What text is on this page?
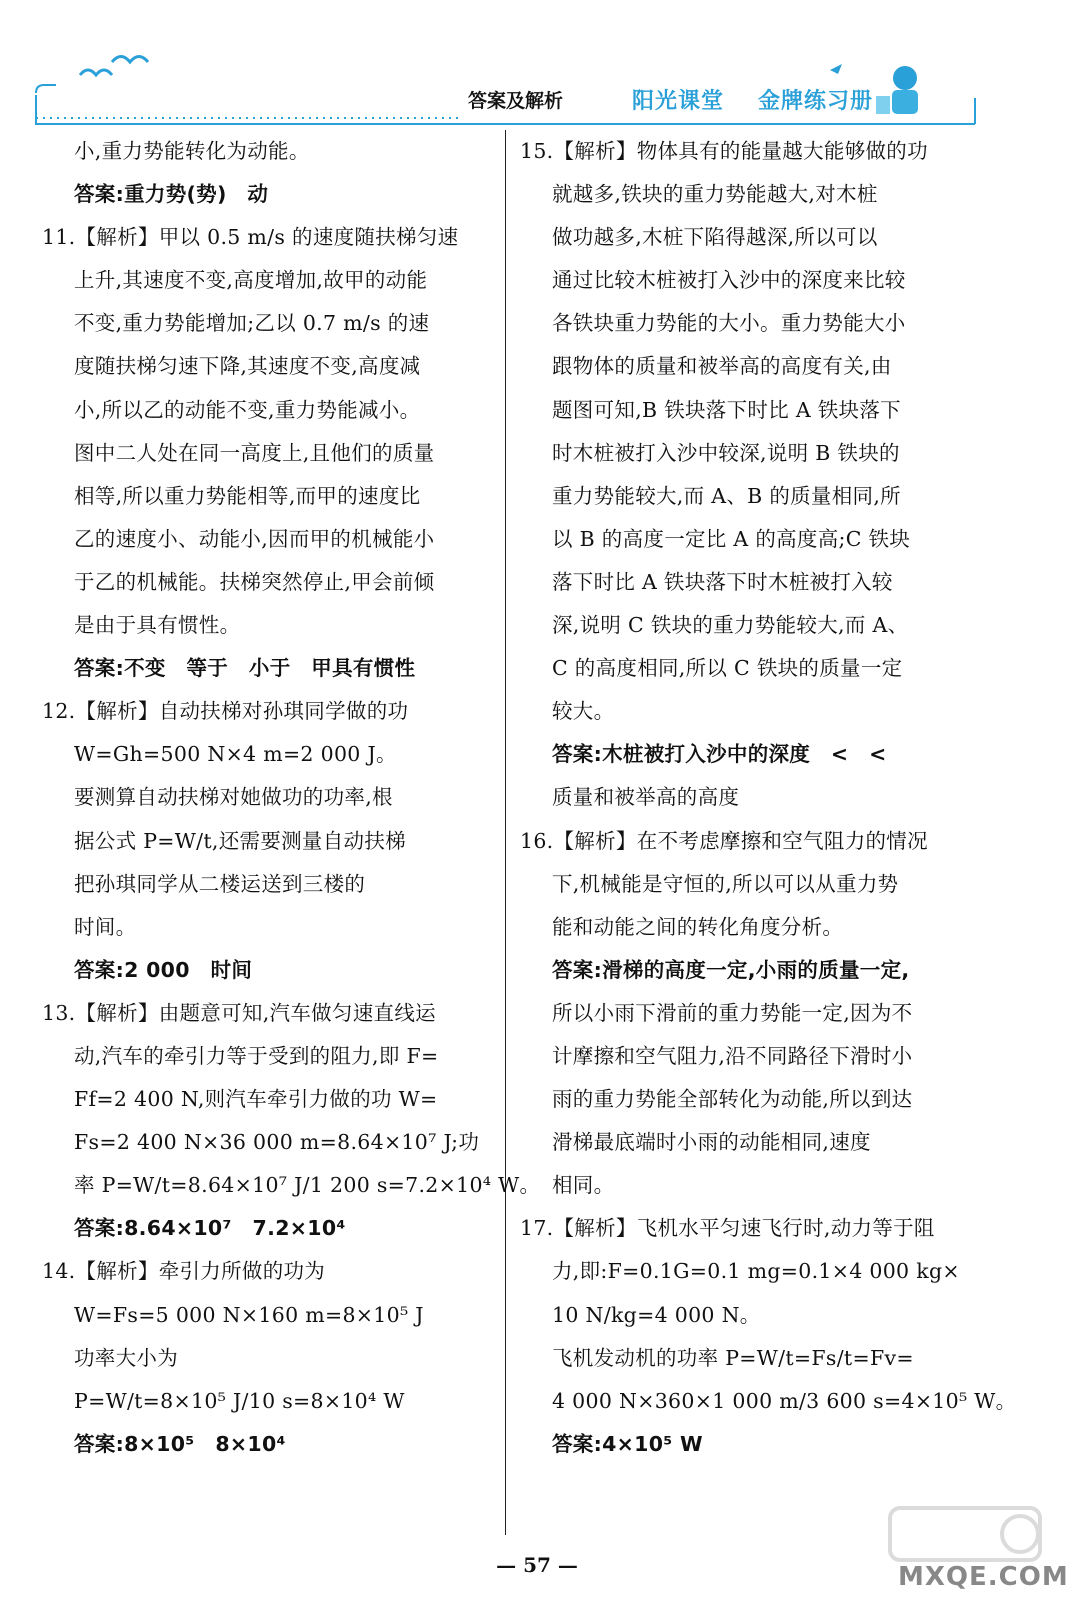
答案及解析	阳光课堂 金牌练习册
小,重力势能转化为动能。
答案:重力势(势)　动
11.【解析】甲以 0.5 m/s 的速度随扶梯匀速
上升,其速度不变,高度增加,故甲的动能
不变,重力势能增加;乙以 0.7 m/s 的速
度随扶梯匀速下降,其速度不变,高度减
小,所以乙的动能不变,重力势能减小。
图中二人处在同一高度上,且他们的质量
相等,所以重力势能相等,而甲的速度比
乙的速度小、动能小,因而甲的机械能小
于乙的机械能。扶梯突然停止,甲会前倾
是由于具有惯性。
答案:不变　等于　小于　甲具有惯性
12.【解析】自动扶梯对孙琪同学做的功
W=Gh=500 N×4 m=2 000 J。
要测算自动扶梯对她做功的功率,根
据公式 P=W/t,还需要测量自动扶梯
把孙琪同学从二楼运送到三楼的
时间。
答案:2 000　时间
13.【解析】由题意可知,汽车做匀速直线运
动,汽车的牵引力等于受到的阻力,即 F=
Ff=2 400 N,则汽车牵引力做的功 W=
Fs=2 400 N×36 000 m=8.64×10⁷ J;功
率 P=W/t=8.64×10⁷ J/1 200 s=7.2×10⁴ W。
答案:8.64×10⁷　7.2×10⁴
14.【解析】牵引力所做的功为
W=Fs=5 000 N×160 m=8×10⁵ J
功率大小为
P=W/t=8×10⁵ J/10 s=8×10⁴ W
答案:8×10⁵　8×10⁴
15.【解析】物体具有的能量越大能够做的功
就越多,铁块的重力势能越大,对木桩
做功越多,木桩下陷得越深,所以可以
通过比较木桩被打入沙中的深度来比较
各铁块重力势能的大小。重力势能大小
跟物体的质量和被举高的高度有关,由
题图可知,B 铁块落下时比 A 铁块落下
时木桩被打入沙中较深,说明 B 铁块的
重力势能较大,而 A、B 的质量相同,所
以 B 的高度一定比 A 的高度高;C 铁块
落下时比 A 铁块落下时木桩被打入较
深,说明 C 铁块的重力势能较大,而 A、
C 的高度相同,所以 C 铁块的质量一定
较大。
答案:木桩被打入沙中的深度　<　<
质量和被举高的高度
16.【解析】在不考虑摩擦和空气阻力的情况
下,机械能是守恒的,所以可以从重力势
能和动能之间的转化角度分析。
答案:滑梯的高度一定,小雨的质量一定,
所以小雨下滑前的重力势能一定,因为不
计摩擦和空气阻力,沿不同路径下滑时小
雨的重力势能全部转化为动能,所以到达
滑梯最底端时小雨的动能相同,速度
相同。
17.【解析】飞机水平匀速飞行时,动力等于阻
力,即:F=0.1G=0.1 mg=0.1×4 000 kg×
10 N/kg=4 000 N。
飞机发动机的功率 P=W/t=Fs/t=Fv=
4 000 N×360×1 000 m/3 600 s=4×10⁵ W。
答案:4×10⁵ W
— 57 —	MXQE.COM
